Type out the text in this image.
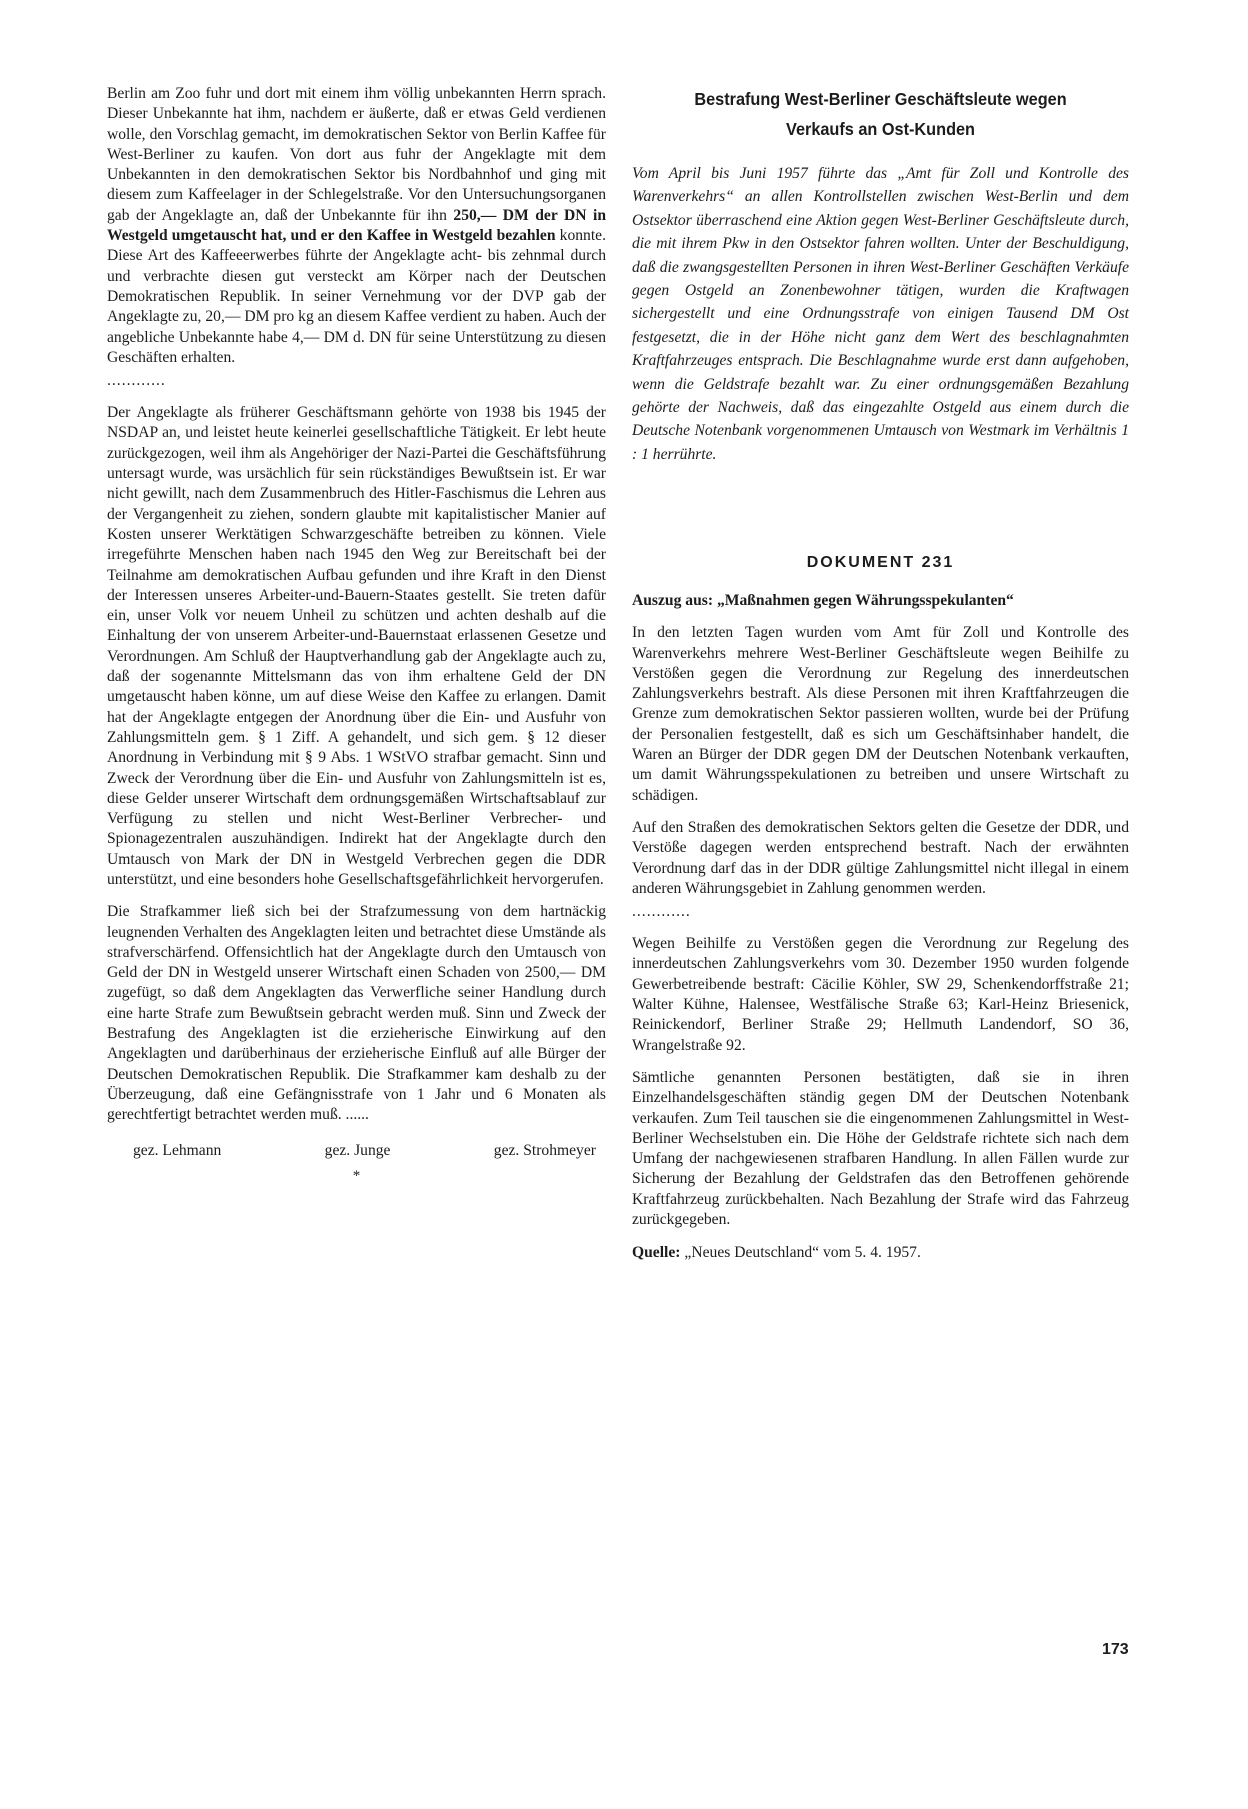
Berlin am Zoo fuhr und dort mit einem ihm völlig unbekannten Herrn sprach. Dieser Unbekannte hat ihm, nachdem er äußerte, daß er etwas Geld verdienen wolle, den Vorschlag gemacht, im demokratischen Sektor von Berlin Kaffee für West-Berliner zu kaufen. Von dort aus fuhr der Angeklagte mit dem Unbekannten in den demokratischen Sektor bis Nordbahnhof und ging mit diesem zum Kaffeelager in der Schlegelstraße. Vor den Untersuchungsorganen gab der Angeklagte an, daß der Unbekannte für ihn 250,— DM der DN in Westgeld umgetauscht hat, und er den Kaffee in Westgeld bezahlen konnte. Diese Art des Kaffeeerwerbes führte der Angeklagte acht- bis zehnmal durch und verbrachte diesen gut versteckt am Körper nach der Deutschen Demokratischen Republik. In seiner Vernehmung vor der DVP gab der Angeklagte zu, 20,— DM pro kg an diesem Kaffee verdient zu haben. Auch der angebliche Unbekannte habe 4,— DM d. DN für seine Unterstützung zu diesen Geschäften erhalten.

............

Der Angeklagte als früherer Geschäftsmann gehörte von 1938 bis 1945 der NSDAP an, und leistet heute keinerlei gesellschaftliche Tätigkeit. Er lebt heute zurückgezogen, weil ihm als Angehöriger der Nazi-Partei die Geschäftsführung untersagt wurde, was ursächlich für sein rückständiges Bewußtsein ist. Er war nicht gewillt, nach dem Zusammenbruch des Hitler-Faschismus die Lehren aus der Vergangenheit zu ziehen, sondern glaubte mit kapitalistischer Manier auf Kosten unserer Werktätigen Schwarzgeschäfte betreiben zu können. Viele irregeführte Menschen haben nach 1945 den Weg zur Bereitschaft bei der Teilnahme am demokratischen Aufbau gefunden und ihre Kraft in den Dienst der Interessen unseres Arbeiter-und-Bauern-Staates gestellt. Sie treten dafür ein, unser Volk vor neuem Unheil zu schützen und achten deshalb auf die Einhaltung der von unserem Arbeiter-und-Bauernstaat erlassenen Gesetze und Verordnungen. Am Schluß der Hauptverhandlung gab der Angeklagte auch zu, daß der sogenannte Mittelsmann das von ihm erhaltene Geld der DN umgetauscht haben könne, um auf diese Weise den Kaffee zu erlangen. Damit hat der Angeklagte entgegen der Anordnung über die Ein- und Ausfuhr von Zahlungsmitteln gem. § 1 Ziff. A gehandelt, und sich gem. § 12 dieser Anordnung in Verbindung mit § 9 Abs. 1 WStVO strafbar gemacht. Sinn und Zweck der Verordnung über die Ein- und Ausfuhr von Zahlungsmitteln ist es, diese Gelder unserer Wirtschaft dem ordnungsgemäßen Wirtschaftsablauf zur Verfügung zu stellen und nicht West-Berliner Verbrecher- und Spionagezentralen auszuhändigen. Indirekt hat der Angeklagte durch den Umtausch von Mark der DN in Westgeld Verbrechen gegen die DDR unterstützt, und eine besonders hohe Gesellschaftsgefährlichkeit hervorgerufen.

Die Strafkammer ließ sich bei der Strafzumessung von dem hartnäckig leugnenden Verhalten des Angeklagten leiten und betrachtet diese Umstände als strafverschärfend. Offensichtlich hat der Angeklagte durch den Umtausch von Geld der DN in Westgeld unserer Wirtschaft einen Schaden von 2500,— DM zugefügt, so daß dem Angeklagten das Verwerfliche seiner Handlung durch eine harte Strafe zum Bewußtsein gebracht werden muß. Sinn und Zweck der Bestrafung des Angeklagten ist die erzieherische Einwirkung auf den Angeklagten und darüberhinaus der erzieherische Einfluß auf alle Bürger der Deutschen Demokratischen Republik. Die Strafkammer kam deshalb zu der Überzeugung, daß eine Gefängnisstrafe von 1 Jahr und 6 Monaten als gerechtfertigt betrachtet werden muß. ......

gez. Lehmann	gez. Junge	gez. Strohmeyer
*
Bestrafung West-Berliner Geschäftsleute wegen
Verkaufs an Ost-Kunden

Vom April bis Juni 1957 führte das „Amt für Zoll und Kontrolle des Warenverkehrs“ an allen Kontrollstellen zwischen West-Berlin und dem Ostsektor überraschend eine Aktion gegen West-Berliner Geschäftsleute durch, die mit ihrem Pkw in den Ostsektor fahren wollten. Unter der Beschuldigung, daß die zwangsgestellten Personen in ihren West-Berliner Geschäften Verkäufe gegen Ostgeld an Zonenbewohner tätigen, wurden die Kraftwagen sichergestellt und eine Ordnungsstrafe von einigen Tausend DM Ost festgesetzt, die in der Höhe nicht ganz dem Wert des beschlagnahmten Kraftfahrzeuges entsprach. Die Beschlagnahme wurde erst dann aufgehoben, wenn die Geldstrafe bezahlt war. Zu einer ordnungsgemäßen Bezahlung gehörte der Nachweis, daß das eingezahlte Ostgeld aus einem durch die Deutsche Notenbank vorgenommenen Umtausch von Westmark im Verhältnis 1 : 1 herrührte.

DOKUMENT 231
Auszug aus: „Maßnahmen gegen Währungsspekulanten“

In den letzten Tagen wurden vom Amt für Zoll und Kontrolle des Warenverkehrs mehrere West-Berliner Geschäftsleute wegen Beihilfe zu Verstößen gegen die Verordnung zur Regelung des innerdeutschen Zahlungsverkehrs bestraft. Als diese Personen mit ihren Kraftfahrzeugen die Grenze zum demokratischen Sektor passieren wollten, wurde bei der Prüfung der Personalien festgestellt, daß es sich um Geschäftsinhaber handelt, die Waren an Bürger der DDR gegen DM der Deutschen Notenbank verkauften, um damit Währungsspekulationen zu betreiben und unsere Wirtschaft zu schädigen.

Auf den Straßen des demokratischen Sektors gelten die Gesetze der DDR, und Verstöße dagegen werden entsprechend bestraft. Nach der erwähnten Verordnung darf das in der DDR gültige Zahlungsmittel nicht illegal in einem anderen Währungsgebiet in Zahlung genommen werden.

............

Wegen Beihilfe zu Verstößen gegen die Verordnung zur Regelung des innerdeutschen Zahlungsverkehrs vom 30. Dezember 1950 wurden folgende Gewerbetreibende bestraft: Cäcilie Köhler, SW 29, Schenkendorffstraße 21; Walter Kühne, Halensee, Westfälische Straße 63; Karl-Heinz Briesenick, Reinickendorf, Berliner Straße 29; Hellmuth Landendorf, SO 36, Wrangelstraße 92.

Sämtliche genannten Personen bestätigten, daß sie in ihren Einzelhandelsgeschäften ständig gegen DM der Deutschen Notenbank verkaufen. Zum Teil tauschen sie die eingenommenen Zahlungsmittel in West-Berliner Wechselstuben ein. Die Höhe der Geldstrafe richtete sich nach dem Umfang der nachgewiesenen strafbaren Handlung. In allen Fällen wurde zur Sicherung der Bezahlung der Geldstrafen das den Betroffenen gehörende Kraftfahrzeug zurückbehalten. Nach Bezahlung der Strafe wird das Fahrzeug zurückgegeben.

Quelle: „Neues Deutschland“ vom 5. 4. 1957.
173
